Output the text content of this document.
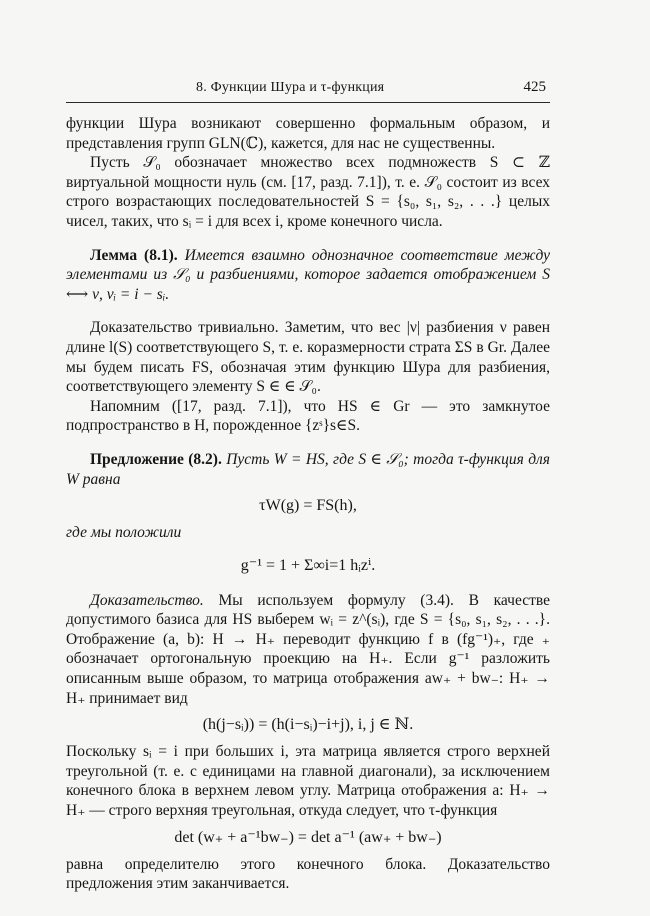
8. Функции Шура и τ-функция	425

функции Шура возникают совершенно формальным образом, и представления групп GLN(ℂ), кажется, для нас не существенны.

Пусть 𝒮₀ обозначает множество всех подмножеств S ⊂ ℤ виртуальной мощности нуль (см. [17, разд. 7.1]), т. е. 𝒮₀ состоит из всех строго возрастающих последовательностей S = {s₀, s₁, s₂, . . .} целых чисел, таких, что sᵢ = i для всех i, кроме конечного числа.

Лемма (8.1). Имеется взаимно однозначное соответствие между элементами из 𝒮₀ и разбиениями, которое задается отображением S ⟷ ν, νᵢ = i − sᵢ.

Доказательство тривиально. Заметим, что вес |ν| разбиения ν равен длине l(S) соответствующего S, т. е. коразмерности страта ΣS в Gr. Далее мы будем писать FS, обозначая этим функцию Шура для разбиения, соответствующего элементу S ∈ ∈ 𝒮₀.

Напомним ([17, разд. 7.1]), что HS ∈ Gr — это замкнутое подпространство в H, порожденное {zˢ}s∈S.

Предложение (8.2). Пусть W = HS, где S ∈ 𝒮₀; тогда τ-функция для W равна

τW(g) = FS(h),

где мы положили

g⁻¹ = 1 + Σ∞i=1 hᵢzⁱ.

Доказательство. Мы используем формулу (3.4). В качестве допустимого базиса для HS выберем wᵢ = z^(sᵢ), где S = {s₀, s₁, s₂, . . .}. Отображение (a, b): H → H₊ переводит функцию f в (fg⁻¹)₊, где ₊ обозначает ортогональную проекцию на H₊. Если g⁻¹ разложить описанным выше образом, то матрица отображения aw₊ + bw₋: H₊ → H₊ принимает вид

(h(j−sᵢ)) = (h(i−sᵢ)−i+j), i, j ∈ ℕ.

Поскольку sᵢ = i при больших i, эта матрица является строго верхней треугольной (т. е. с единицами на главной диагонали), за исключением конечного блока в верхнем левом углу. Матрица отображения a: H₊ → H₊ — строго верхняя треугольная, откуда следует, что τ-функция

det (w₊ + a⁻¹bw₋) = det a⁻¹ (aw₊ + bw₋)

равна определителю этого конечного блока. Доказательство предложения этим заканчивается.
